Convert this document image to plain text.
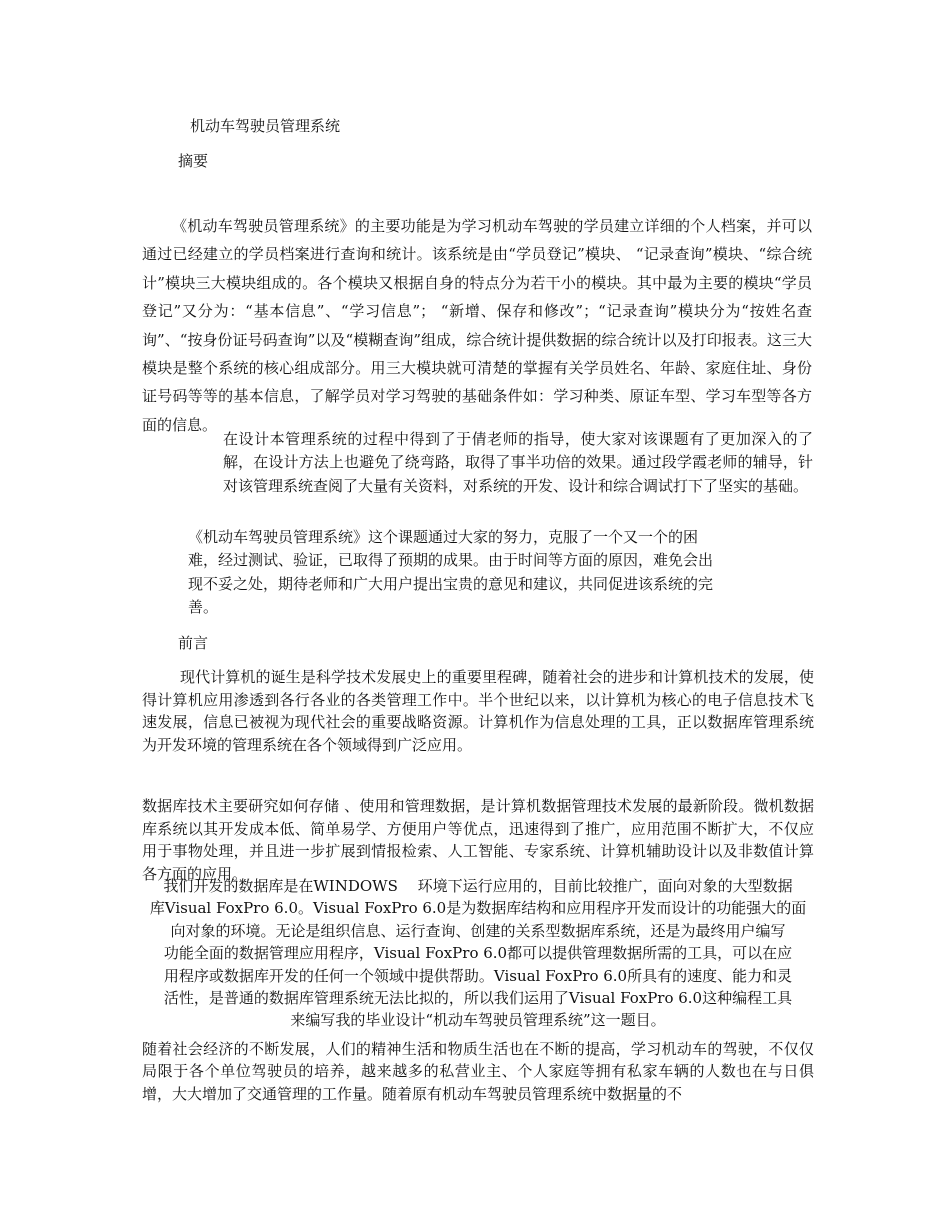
机动车驾驶员管理系统

摘要

《机动车驾驶员管理系统》的主要功能是为学习机动车驾驶的学员建立详细的个人档案，并可以通过已经建立的学员档案进行查询和统计。该系统是由“学员登记”模块、 “记录查询”模块、“综合统计”模块三大模块组成的。各个模块又根据自身的特点分为若干小的模块。其中最为主要的模块“学员登记”又分为：“基本信息”、“学习信息”； “新增、保存和修改”；“记录查询”模块分为“按姓名查询”、“按身份证号码查询”以及“模糊查询”组成，综合统计提供数据的综合统计以及打印报表。这三大模块是整个系统的核心组成部分。用三大模块就可清楚的掌握有关学员姓名、年龄、家庭住址、身份证号码等等的基本信息，了解学员对学习驾驶的基础条件如：学习种类、原证车型、学习车型等各方面的信息。

在设计本管理系统的过程中得到了于倩老师的指导，使大家对该课题有了更加深入的了解，在设计方法上也避免了绕弯路，取得了事半功倍的效果。通过段学霞老师的辅导，针对该管理系统查阅了大量有关资料，对系统的开发、设计和综合调试打下了坚实的基础。

《机动车驾驶员管理系统》这个课题通过大家的努力，克服了一个又一个的困难，经过测试、验证，已取得了预期的成果。由于时间等方面的原因，难免会出现不妥之处，期待老师和广大用户提出宝贵的意见和建议，共同促进该系统的完善。

前言

现代计算机的诞生是科学技术发展史上的重要里程碑，随着社会的进步和计算机技术的发展，使得计算机应用渗透到各行各业的各类管理工作中。半个世纪以来，以计算机为核心的电子信息技术飞速发展，信息已被视为现代社会的重要战略资源。计算机作为信息处理的工具，正以数据库管理系统为开发环境的管理系统在各个领域得到广泛应用。

数据库技术主要研究如何存储 、使用和管理数据，是计算机数据管理技术发展的最新阶段。微机数据库系统以其开发成本低、简单易学、方便用户等优点，迅速得到了推广，应用范围不断扩大，不仅应用于事物处理，并且进一步扩展到情报检索、人工智能、专家系统、计算机辅助设计以及非数值计算各方面的应用。

我们开发的数据库是在WINDOWS　 环境下运行应用的，目前比较推广，面向对象的大型数据
库Visual FoxPro 6.0。Visual FoxPro 6.0是为数据库结构和应用程序开发而设计的功能强大的面
向对象的环境。无论是组织信息、运行查询、创建的关系型数据库系统，还是为最终用户编写
功能全面的数据管理应用程序，Visual FoxPro 6.0都可以提供管理数据所需的工具，可以在应
用程序或数据库开发的任何一个领域中提供帮助。Visual FoxPro 6.0所具有的速度、能力和灵
活性，是普通的数据库管理系统无法比拟的，所以我们运用了Visual FoxPro 6.0这种编程工具
来编写我的毕业设计“机动车驾驶员管理系统”这一题目。

随着社会经济的不断发展，人们的精神生活和物质生活也在不断的提高，学习机动车的驾驶，不仅仅局限于各个单位驾驶员的培养，越来越多的私营业主、个人家庭等拥有私家车辆的人数也在与日俱增，大大增加了交通管理的工作量。随着原有机动车驾驶员管理系统中数据量的不
